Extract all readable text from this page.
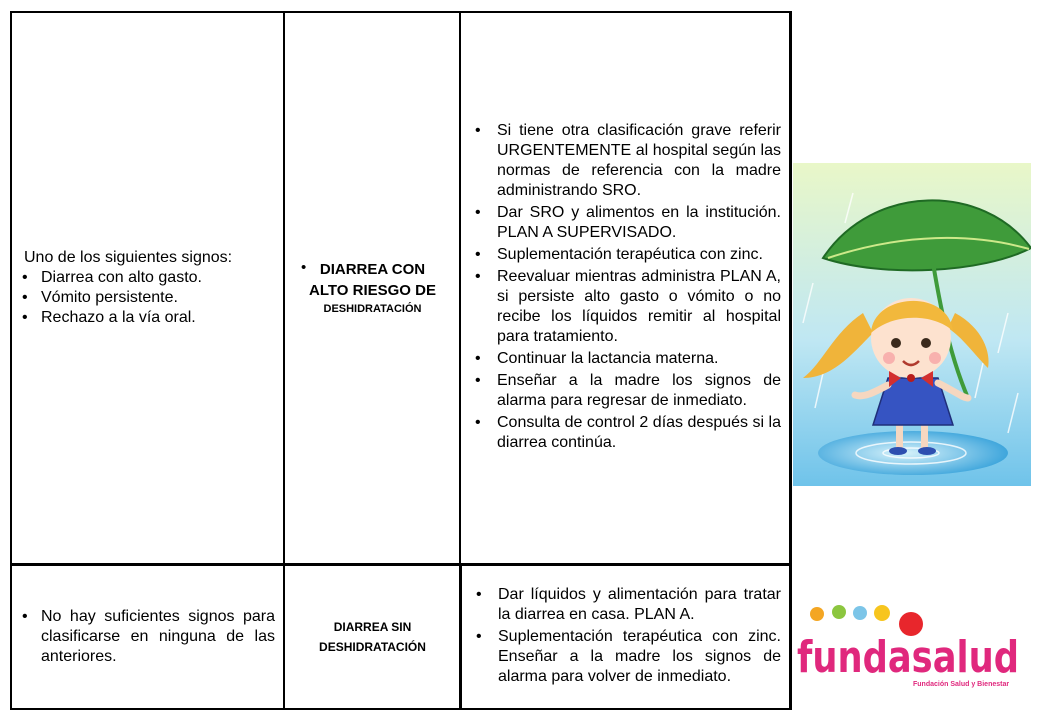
Uno de los siguientes signos:
• Diarrea con alto gasto.
• Vómito persistente.
• Rechazo a la vía oral.
• DIARREA CON
ALTO RIESGO DE
DESHIDRATACIÓN
• Si tiene otra clasificación grave referir URGENTEMENTE al hospital según las normas de referencia con la madre administrando SRO.
• Dar SRO y alimentos en la institución. PLAN A SUPERVISADO.
• Suplementación terapéutica con zinc.
• Reevaluar mientras administra PLAN A, si persiste alto gasto o vómito o no recibe los líquidos remitir al hospital para tratamiento.
• Continuar la lactancia materna.
• Enseñar a la madre los signos de alarma para regresar de inmediato.
• Consulta de control 2 días después si la diarrea continúa.
• No hay suficientes signos para clasificarse en ninguna de las anteriores.
DIARREA SIN
DESHIDRATACIÓN
• Dar líquidos y alimentación para tratar la diarrea en casa. PLAN A.
• Suplementación terapéutica con zinc. Enseñar a la madre los signos de alarma para volver de inmediato.	fundasalud
Fundación Salud y Bienestar
